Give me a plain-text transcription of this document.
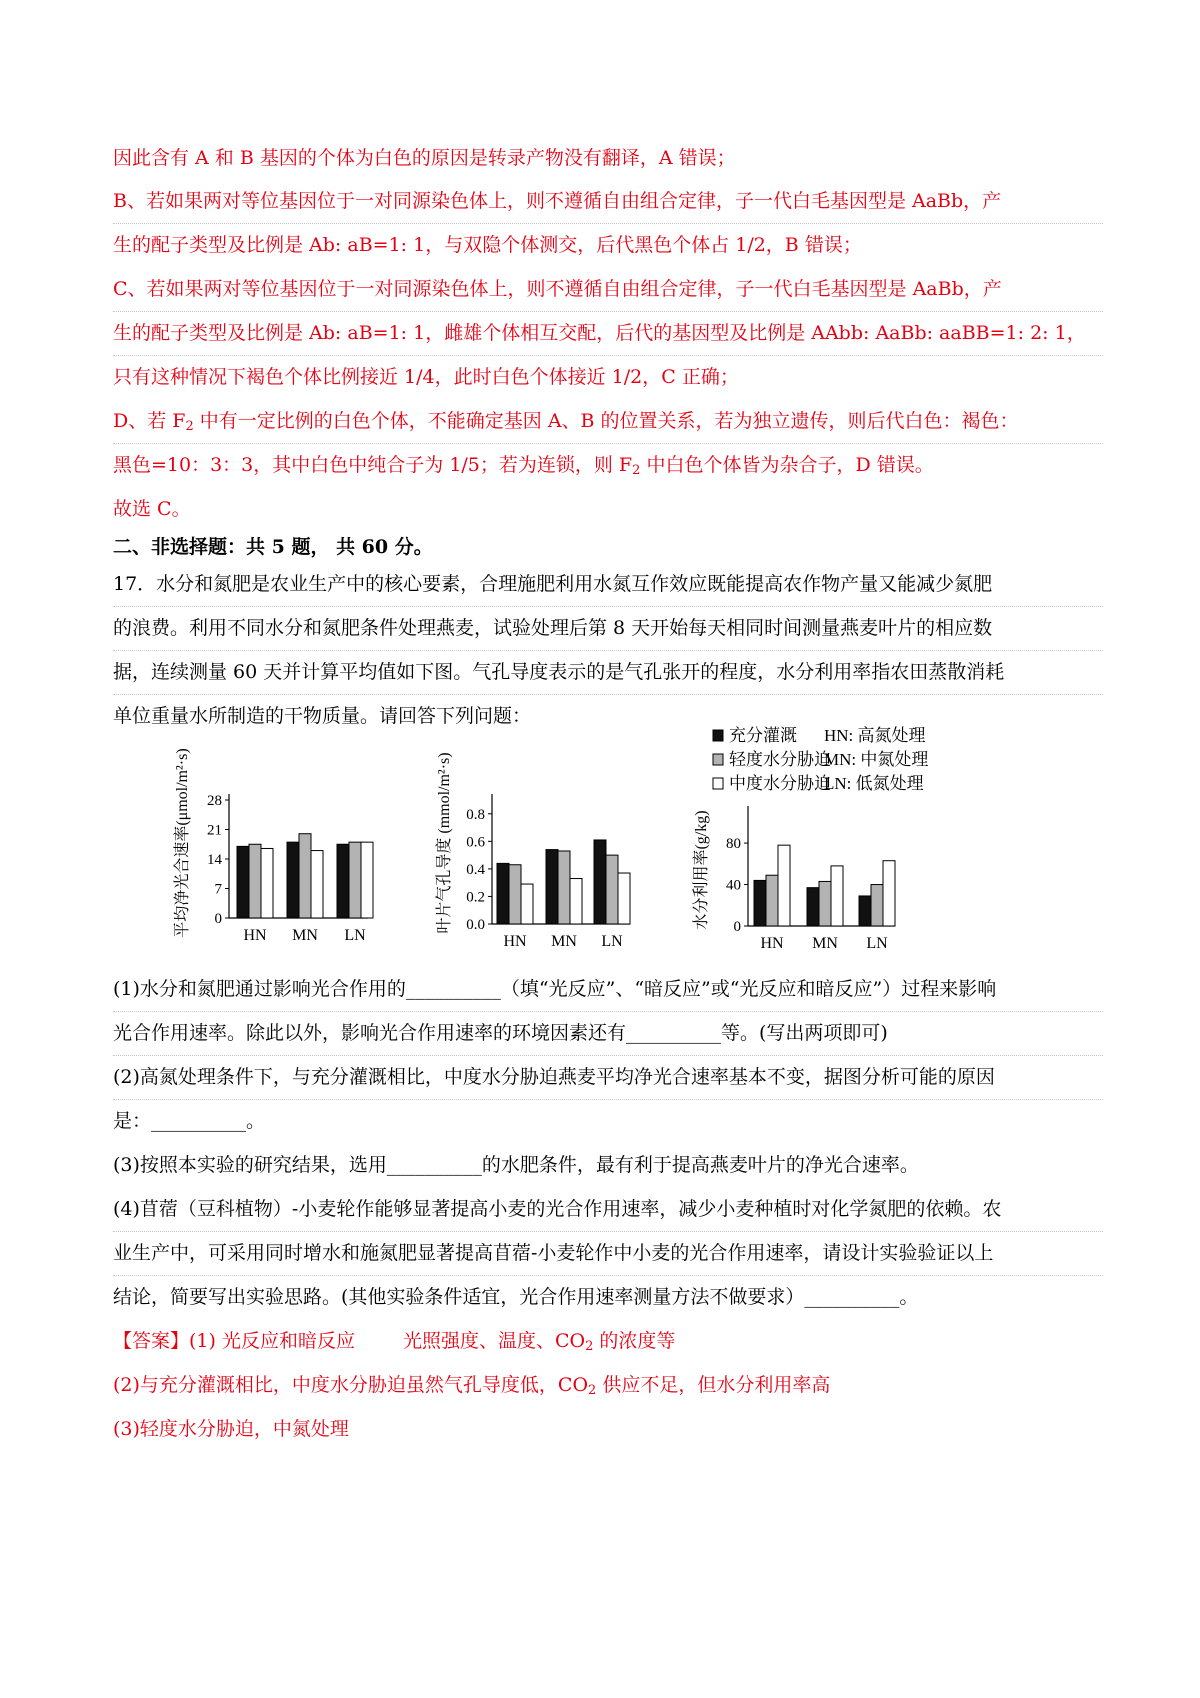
因此含有 A 和 B 基因的个体为白色的原因是转录产物没有翻译，A 错误；
B、若如果两对等位基因位于一对同源染色体上，则不遵循自由组合定律，子一代白毛基因型是 AaBb，产
生的配子类型及比例是 Ab: aB=1: 1，与双隐个体测交，后代黑色个体占 1/2，B 错误；
C、若如果两对等位基因位于一对同源染色体上，则不遵循自由组合定律，子一代白毛基因型是 AaBb，产
生的配子类型及比例是 Ab: aB=1: 1，雌雄个体相互交配，后代的基因型及比例是 AAbb: AaBb: aaBB=1: 2: 1，
只有这种情况下褐色个体比例接近 1/4，此时白色个体接近 1/2，C 正确；
D、若 $F_2$ 中有一定比例的白色个体，不能确定基因 A、B 的位置关系，若为独立遗传，则后代白色：褐色：
黑色=10：3：3，其中白色中纯合子为 1/5；若为连锁，则 $F_2$ 中白色个体皆为杂合子，D 错误。
故选 C。
二、非选择题：共 5 题， 共 60 分。
17．水分和氮肥是农业生产中的核心要素，合理施肥利用水氮互作效应既能提高农作物产量又能减少氮肥
的浪费。利用不同水分和氮肥条件处理燕麦，试验处理后第 8 天开始每天相同时间测量燕麦叶片的相应数
据，连续测量 60 天并计算平均值如下图。气孔导度表示的是气孔张开的程度，水分利用率指农田蒸散消耗
单位重量水所制造的干物质量。请回答下列问题：
0
7
14
21
28
HN MN LN
平均净光合速率(μmol/m²·s)	0.0
0.2
0.4
0.6
0.8
HN MN LN
叶片气孔导度 (mmol/m²·s)	0
40
80
HN MN LN
水分利用率(g/kg)
充分灌溉
轻度水分胁迫
中度水分胁迫
HN: 高氮处理
MN: 中氮处理
LN: 低氮处理
(1)水分和氮肥通过影响光合作用的__________（填“光反应”、“暗反应”或“光反应和暗反应”）过程来影响
光合作用速率。除此以外，影响光合作用速率的环境因素还有__________等。(写出两项即可)
(2)高氮处理条件下，与充分灌溉相比，中度水分胁迫燕麦平均净光合速率基本不变，据图分析可能的原因
是：__________。
(3)按照本实验的研究结果，选用__________的水肥条件，最有利于提高燕麦叶片的净光合速率。
(4)苜蓿（豆科植物）-小麦轮作能够显著提高小麦的光合作用速率，减少小麦种植时对化学氮肥的依赖。农
业生产中，可采用同时增水和施氮肥显著提高苜蓿-小麦轮作中小麦的光合作用速率，请设计实验验证以上
结论，简要写出实验思路。(其他实验条件适宜，光合作用速率测量方法不做要求）__________。
【答案】(1) 光反应和暗反应	光照强度、温度、$CO_2$ 的浓度等
(2)与充分灌溉相比，中度水分胁迫虽然气孔导度低，$CO_2$ 供应不足，但水分利用率高
(3)轻度水分胁迫，中氮处理
